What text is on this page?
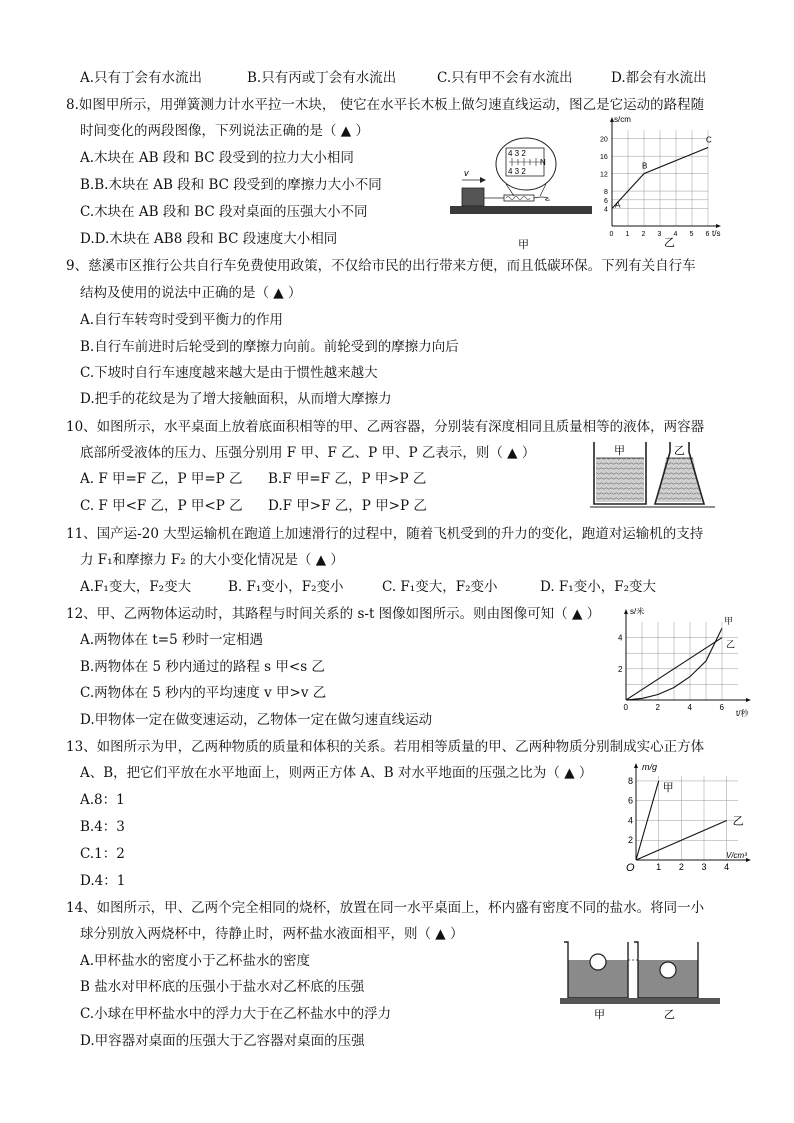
A.只有丁会有水流出	B.只有丙或丁会有水流出	C.只有甲不会有水流出	D.都会有水流出
8.如图甲所示，用弹簧测力计水平拉一木块， 使它在水平长木板上做匀速直线运动，图乙是它运动的路程随
时间变化的两段图像，下列说法正确的是（ ▲ ）
A.木块在 AB 段和 BC 段受到的拉力大小相同
B.B.木块在 AB 段和 BC 段受到的摩擦力大小不同
C.木块在 AB 段和 BC 段对桌面的压强大小不同
D.D.木块在 AB8 段和 BC 段速度大小相同
4 3 2
4 3 2
N
v
甲
0 1 2 3 4 5 6
4
6
8
12
16
20
A
B
C
s/cm
t/s
乙
9、慈溪市区推行公共自行车免费使用政策，不仅给市民的出行带来方便，而且低碳环保。下列有关自行车
结构及使用的说法中正确的是（ ▲ ）
A.自行车转弯时受到平衡力的作用
B.自行车前进时后轮受到的摩擦力向前。前轮受到的摩擦力向后
C.下坡时自行车速度越来越大是由于惯性越来越大
D.把手的花纹是为了增大接触面积，从而增大摩擦力
10、如图所示，水平桌面上放着底面积相等的甲、乙两容器，分别装有深度相同且质量相等的液体，两容器
底部所受液体的压力、压强分别用 F 甲、F 乙、P 甲、P 乙表示，则（ ▲ ）
A. F 甲=F 乙，P 甲=P 乙 B.F 甲=F 乙，P 甲>P 乙
C. F 甲<F 乙，P 甲<P 乙 D.F 甲>F 乙，P 甲>P 乙
甲	乙
11、国产运-20 大型运输机在跑道上加速滑行的过程中，随着飞机受到的升力的变化，跑道对运输机的支持
力 F₁和摩擦力 F₂ 的大小变化情况是（ ▲ ）
A.F₁变大，F₂变大	B. F₁变小，F₂变小	C. F₁变大，F₂变小	D. F₁变小，F₂变大
12、甲、乙两物体运动时，其路程与时间关系的 s-t 图像如图所示。则由图像可知（ ▲ ）
A.两物体在 t=5 秒时一定相遇
B.两物体在 5 秒内通过的路程 s 甲<s 乙
C.两物体在 5 秒内的平均速度 v 甲>v 乙
D.甲物体一定在做变速运动，乙物体一定在做匀速直线运动
0	2	4	6
2
4
甲
乙
s/米
t/秒
13、如图所示为甲，乙两种物质的质量和体积的关系。若用相等质量的甲、乙两种物质分别制成实心正方体
A、B，把它们平放在水平地面上，则两正方体 A、B 对水平地面的压强之比为（ ▲ ）
A.8：1
B.4：3
C.1：2
D.4：1
1 2 3 4
2
4
6
8
甲
乙
m/g
V/cm³
O
14、如图所示，甲、乙两个完全相同的烧杯，放置在同一水平桌面上，杯内盛有密度不同的盐水。将同一小
球分别放入两烧杯中，待静止时，两杯盐水液面相平，则（ ▲ ）
A.甲杯盐水的密度小于乙杯盐水的密度
B 盐水对甲杯底的压强小于盐水对乙杯底的压强
C.小球在甲杯盐水中的浮力大于在乙杯盐水中的浮力
D.甲容器对桌面的压强大于乙容器对桌面的压强
甲	乙
